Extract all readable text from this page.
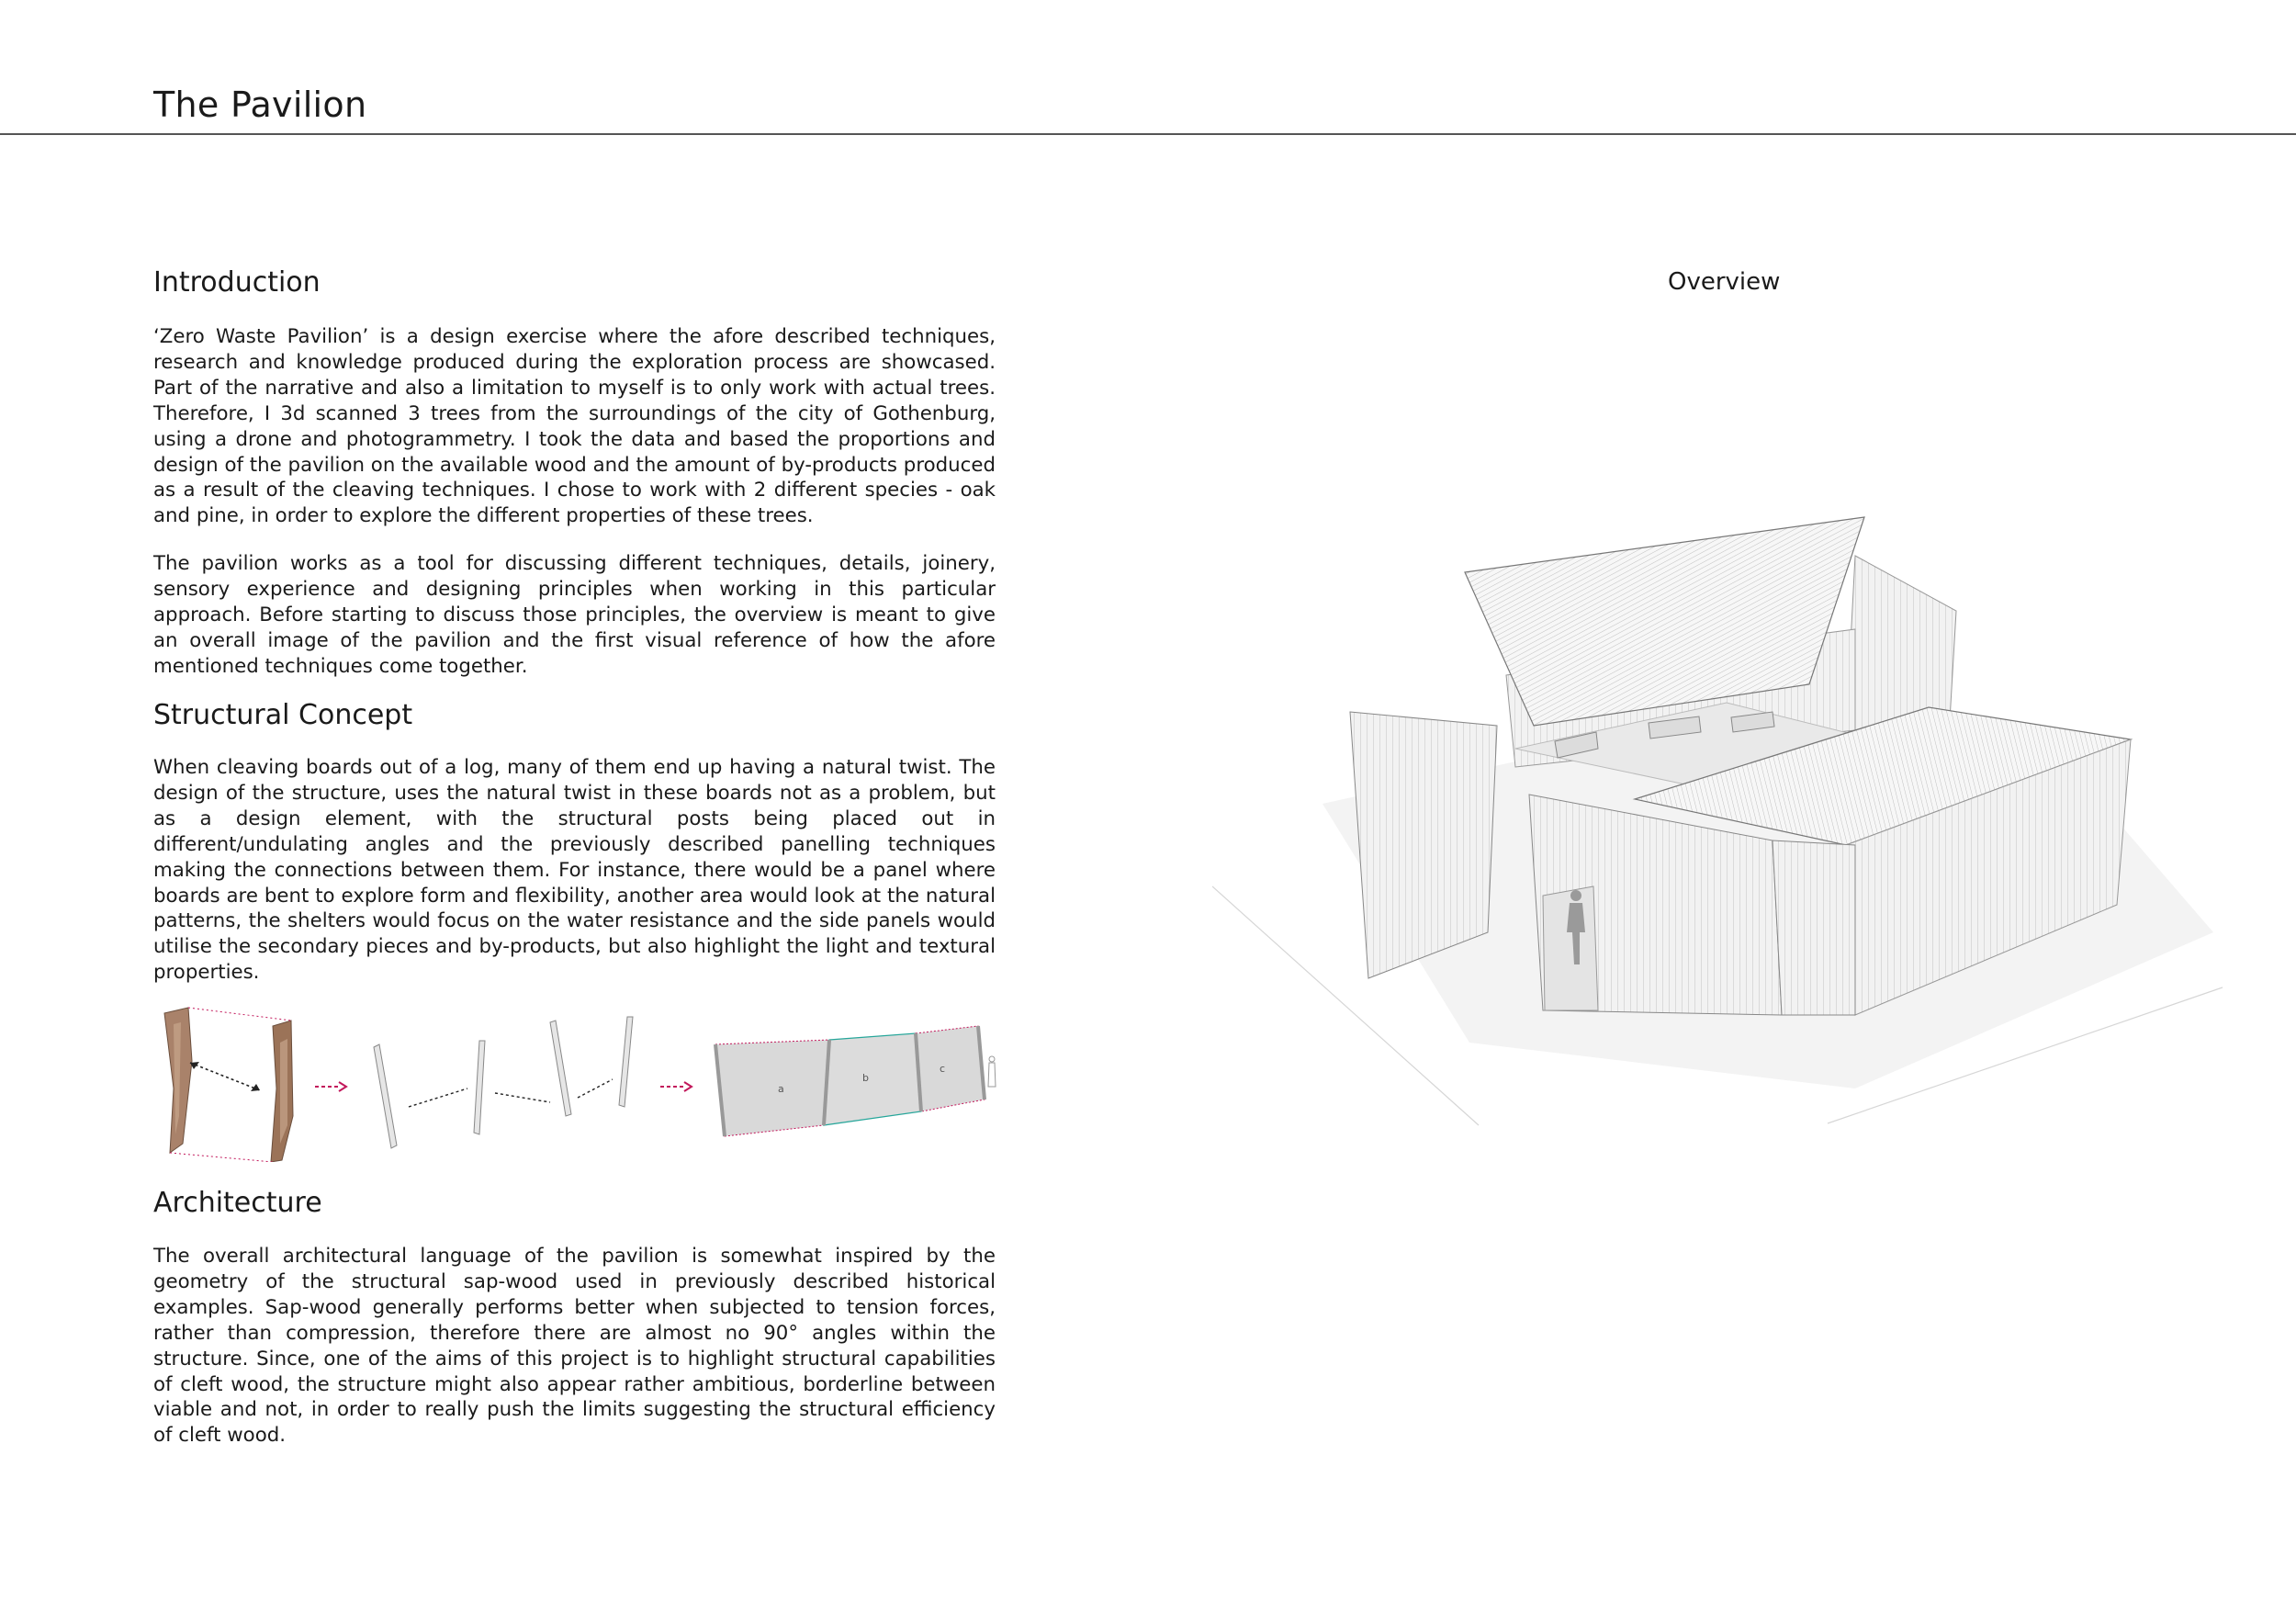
The Pavilion
Introduction

‘Zero Waste Pavilion’ is a design exercise where the afore described techniques, research and knowledge produced during the exploration process are showcased. Part of the narrative and also a limitation to myself is to only work with actual trees. Therefore, I 3d scanned 3 trees from the surroundings of the city of Gothenburg, using a drone and photogrammetry. I took the data and based the proportions and design of the pavilion on the available wood and the amount of by-products produced as a result of the cleaving techniques. I chose to work with 2 different species - oak and pine, in order to explore the different properties of these trees.

The pavilion works as a tool for discussing different techniques, details, joinery, sensory experience and designing principles when working in this particular approach. Before starting to discuss those principles, the overview is meant to give an overall image of the pavilion and the first visual reference of how the afore mentioned techniques come together.

Structural Concept

When cleaving boards out of a log, many of them end up having a natural twist. The design of the structure, uses the natural twist in these boards not as a problem, but as a design element, with the structural posts being placed out in different/undulating angles and the previously described panelling techniques making the connections between them. For instance, there would be a panel where boards are bent to explore form and flexibility, another area would look at the natural patterns, the shelters would focus on the water resistance and the side panels would utilise the secondary pieces and by-products, but also highlight the light and textural properties.

a
b
c
Architecture

The overall architectural language of the pavilion is somewhat inspired by the geometry of the structural sap-wood used in previously described historical examples. Sap-wood generally performs better when subjected to tension forces, rather than compression, therefore there are almost no 90° angles within the structure. Since, one of the aims of this project is to highlight structural capabilities of cleft wood, the structure might also appear rather ambitious, borderline between viable and not, in order to really push the limits suggesting the structural efficiency of cleft wood.

Overview
